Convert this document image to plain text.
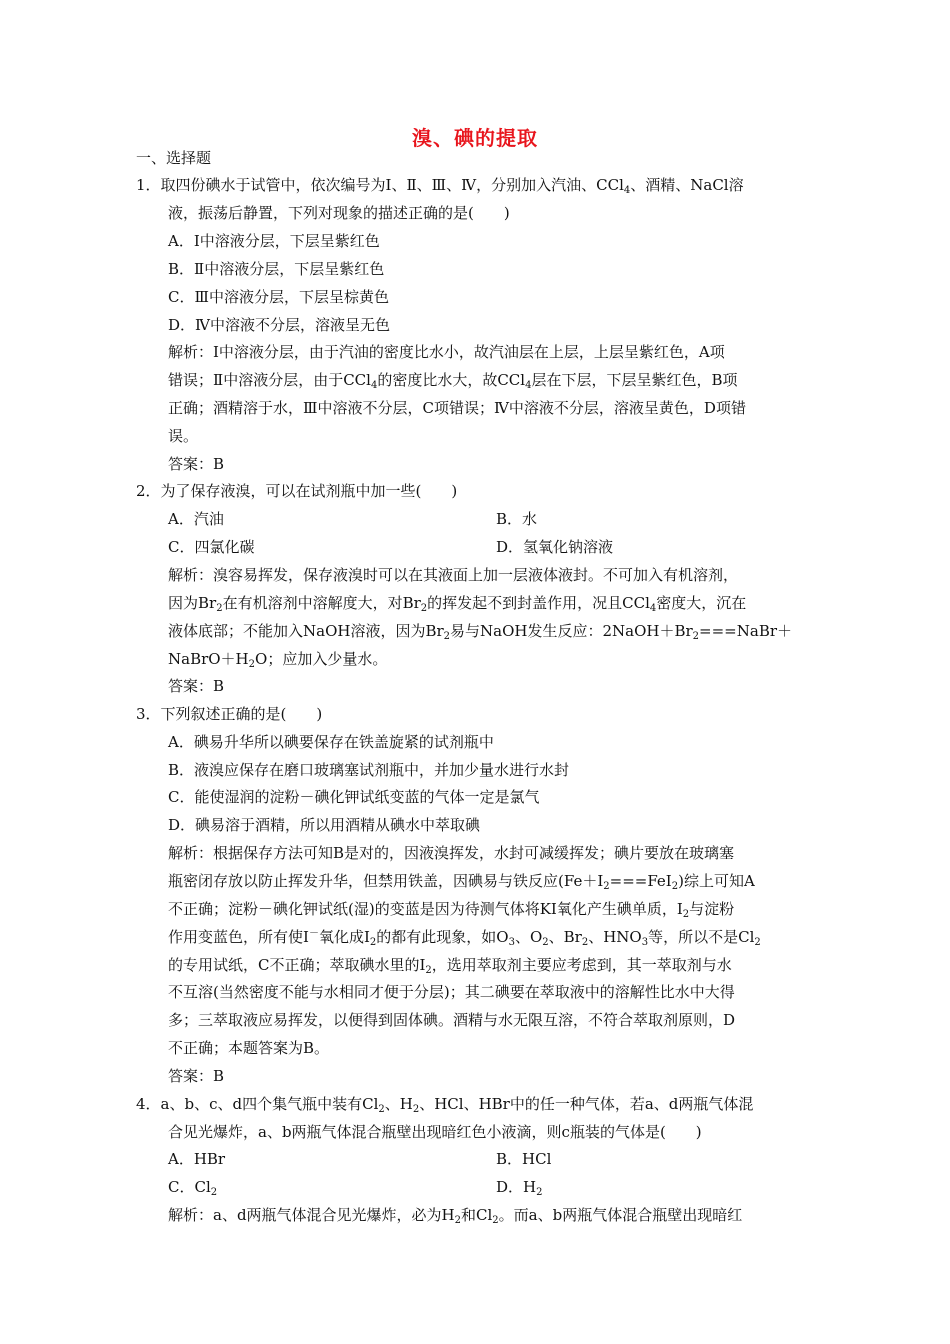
溴、碘的提取
一、选择题
1．取四份碘水于试管中，依次编号为Ⅰ、Ⅱ、Ⅲ、Ⅳ，分别加入汽油、CCl$_4$、酒精、NaCl溶
液，振荡后静置，下列对现象的描述正确的是(　　)
A．Ⅰ中溶液分层，下层呈紫红色
B．Ⅱ中溶液分层，下层呈紫红色
C．Ⅲ中溶液分层，下层呈棕黄色
D．Ⅳ中溶液不分层，溶液呈无色
解析：Ⅰ中溶液分层，由于汽油的密度比水小，故汽油层在上层，上层呈紫红色，A项
错误；Ⅱ中溶液分层，由于CCl$_4$的密度比水大，故CCl$_4$层在下层，下层呈紫红色，B项
正确；酒精溶于水，Ⅲ中溶液不分层，C项错误；Ⅳ中溶液不分层，溶液呈黄色，D项错
误。
答案：B
2．为了保存液溴，可以在试剂瓶中加一些(　　)
A．汽油	B．水
C．四氯化碳	D．氢氧化钠溶液
解析：溴容易挥发，保存液溴时可以在其液面上加一层液体液封。不可加入有机溶剂，
因为$Br_2$在有机溶剂中溶解度大，对$Br_2$的挥发起不到封盖作用，况且CCl$_4$密度大，沉在
液体底部；不能加入NaOH溶液，因为$Br_2$易与NaOH发生反应：$2NaOH+Br_2===NaBr+$
$NaBrO+H_2O$；应加入少量水。
答案：B
3．下列叙述正确的是(　　)
A．碘易升华所以碘要保存在铁盖旋紧的试剂瓶中
B．液溴应保存在磨口玻璃塞试剂瓶中，并加少量水进行水封
C．能使湿润的淀粉－碘化钾试纸变蓝的气体一定是氯气
D．碘易溶于酒精，所以用酒精从碘水中萃取碘
解析：根据保存方法可知B是对的，因液溴挥发，水封可减缓挥发；碘片要放在玻璃塞
瓶密闭存放以防止挥发升华，但禁用铁盖，因碘易与铁反应$(Fe+I_2===FeI_2)$综上可知A
不正确；淀粉－碘化钾试纸(湿)的变蓝是因为待测气体将KI氧化产生碘单质，$I_2$与淀粉
作用变蓝色，所有使I－氧化成$I_2$的都有此现象，如$O_3$、$O_2$、$Br_2$、$HNO_3$等，所以不是$Cl_2$
的专用试纸，C不正确；萃取碘水里的$I_2$，选用萃取剂主要应考虑到，其一萃取剂与水
不互溶(当然密度不能与水相同才便于分层)；其二碘要在萃取液中的溶解性比水中大得
多；三萃取液应易挥发，以便得到固体碘。酒精与水无限互溶，不符合萃取剂原则，D
不正确；本题答案为B。
答案：B
4．a、b、c、d四个集气瓶中装有$Cl_2$、$H_2$、HCl、HBr中的任一种气体，若a、d两瓶气体混
合见光爆炸，a、b两瓶气体混合瓶壁出现暗红色小液滴，则c瓶装的气体是(　　)
A．HBr	B．HCl
C．$Cl_2$	D．$H_2$
解析：a、d两瓶气体混合见光爆炸，必为$H_2$和$Cl_2$。而a、b两瓶气体混合瓶壁出现暗红
